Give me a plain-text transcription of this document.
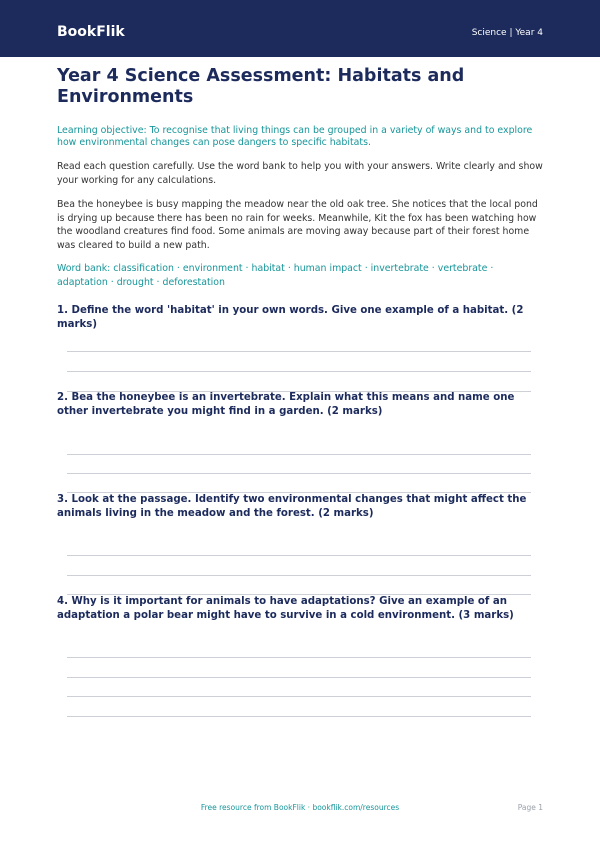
BookFlik	Science | Year 4
Year 4 Science Assessment: Habitats and Environments

Learning objective: To recognise that living things can be grouped in a variety of ways and to explore how environmental changes can pose dangers to specific habitats.

Read each question carefully. Use the word bank to help you with your answers. Write clearly and show your working for any calculations.

Bea the honeybee is busy mapping the meadow near the old oak tree. She notices that the local pond is drying up because there has been no rain for weeks. Meanwhile, Kit the fox has been watching how the woodland creatures find food. Some animals are moving away because part of their forest home was cleared to build a new path.

Word bank: classification · environment · habitat · human impact · invertebrate · vertebrate · adaptation · drought · deforestation

1. Define the word 'habitat' in your own words. Give one example of a habitat. (2 marks)

2. Bea the honeybee is an invertebrate. Explain what this means and name one other invertebrate you might find in a garden. (2 marks)

3. Look at the passage. Identify two environmental changes that might affect the animals living in the meadow and the forest. (2 marks)

4. Why is it important for animals to have adaptations? Give an example of an adaptation a polar bear might have to survive in a cold environment. (3 marks)

Free resource from BookFlik · bookflik.com/resources	Page 1
